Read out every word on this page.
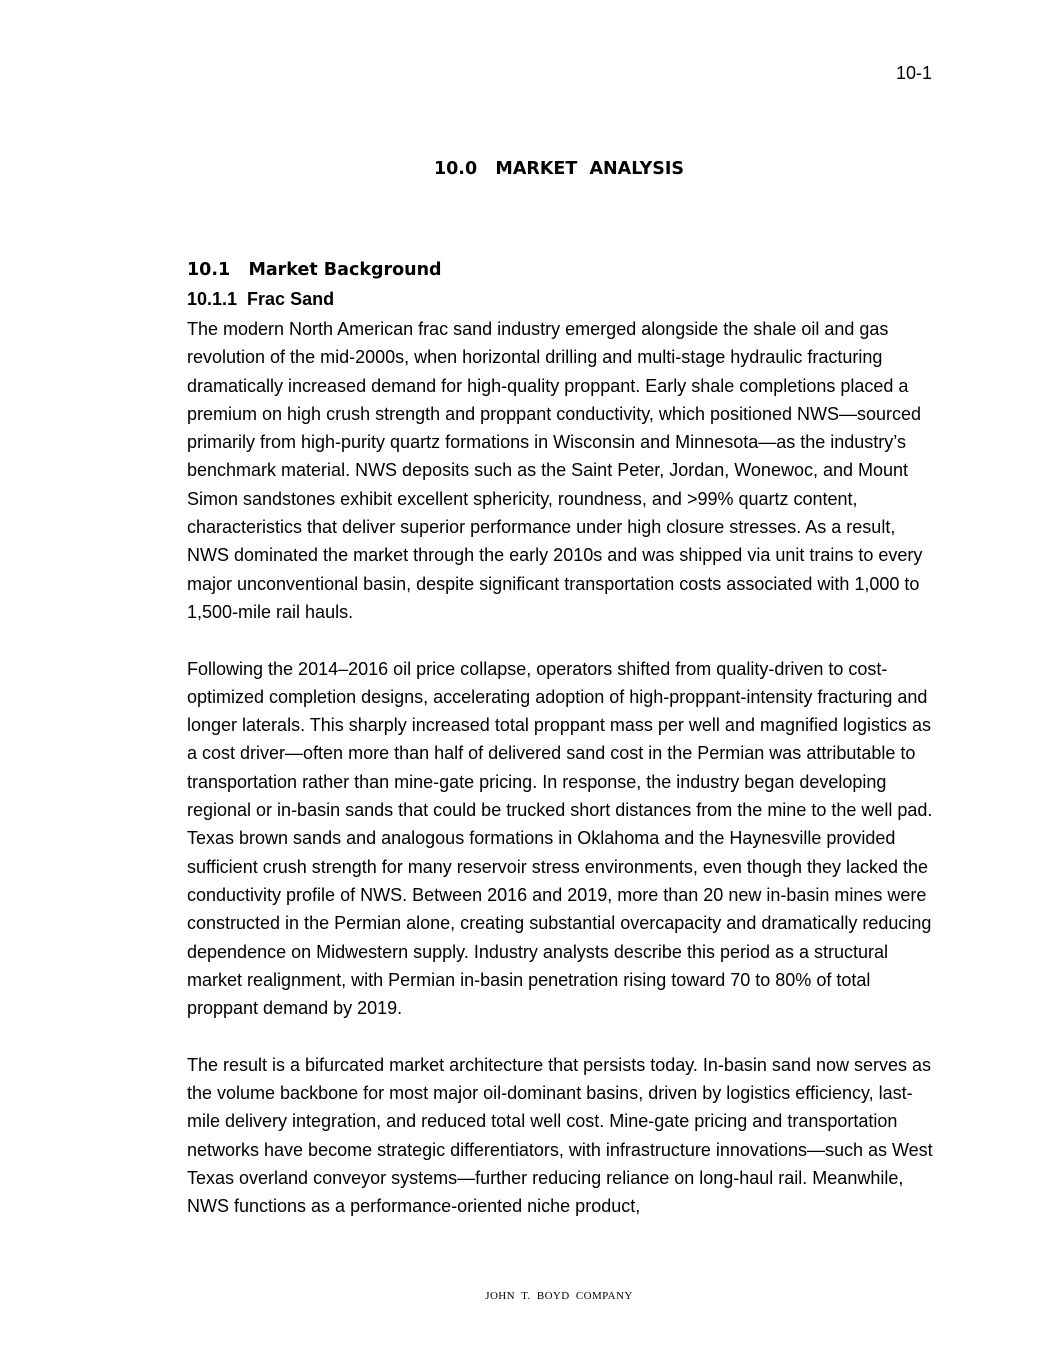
10-1
10.0   MARKET  ANALYSIS
10.1   Market Background
10.1.1  Frac Sand

The modern North American frac sand industry emerged alongside the shale oil and gas revolution of the mid-2000s, when horizontal drilling and multi-stage hydraulic fracturing dramatically increased demand for high-quality proppant. Early shale completions placed a premium on high crush strength and proppant conductivity, which positioned NWS—sourced primarily from high-purity quartz formations in Wisconsin and Minnesota—as the industry’s benchmark material. NWS deposits such as the Saint Peter, Jordan, Wonewoc, and Mount Simon sandstones exhibit excellent sphericity, roundness, and >99% quartz content, characteristics that deliver superior performance under high closure stresses. As a result, NWS dominated the market through the early 2010s and was shipped via unit trains to every major unconventional basin, despite significant transportation costs associated with 1,000 to 1,500-mile rail hauls.

Following the 2014–2016 oil price collapse, operators shifted from quality-driven to cost-optimized completion designs, accelerating adoption of high-proppant-intensity fracturing and longer laterals. This sharply increased total proppant mass per well and magnified logistics as a cost driver—often more than half of delivered sand cost in the Permian was attributable to transportation rather than mine-gate pricing. In response, the industry began developing regional or in-basin sands that could be trucked short distances from the mine to the well pad. Texas brown sands and analogous formations in Oklahoma and the Haynesville provided sufficient crush strength for many reservoir stress environments, even though they lacked the conductivity profile of NWS. Between 2016 and 2019, more than 20 new in-basin mines were constructed in the Permian alone, creating substantial overcapacity and dramatically reducing dependence on Midwestern supply. Industry analysts describe this period as a structural market realignment, with Permian in-basin penetration rising toward 70 to 80% of total proppant demand by 2019.

The result is a bifurcated market architecture that persists today. In-basin sand now serves as the volume backbone for most major oil-dominant basins, driven by logistics efficiency, last-mile delivery integration, and reduced total well cost. Mine-gate pricing and transportation networks have become strategic differentiators, with infrastructure innovations—such as West Texas overland conveyor systems—further reducing reliance on long-haul rail. Meanwhile, NWS functions as a performance-oriented niche product,

JOHN  T.  BOYD  COMPANY
